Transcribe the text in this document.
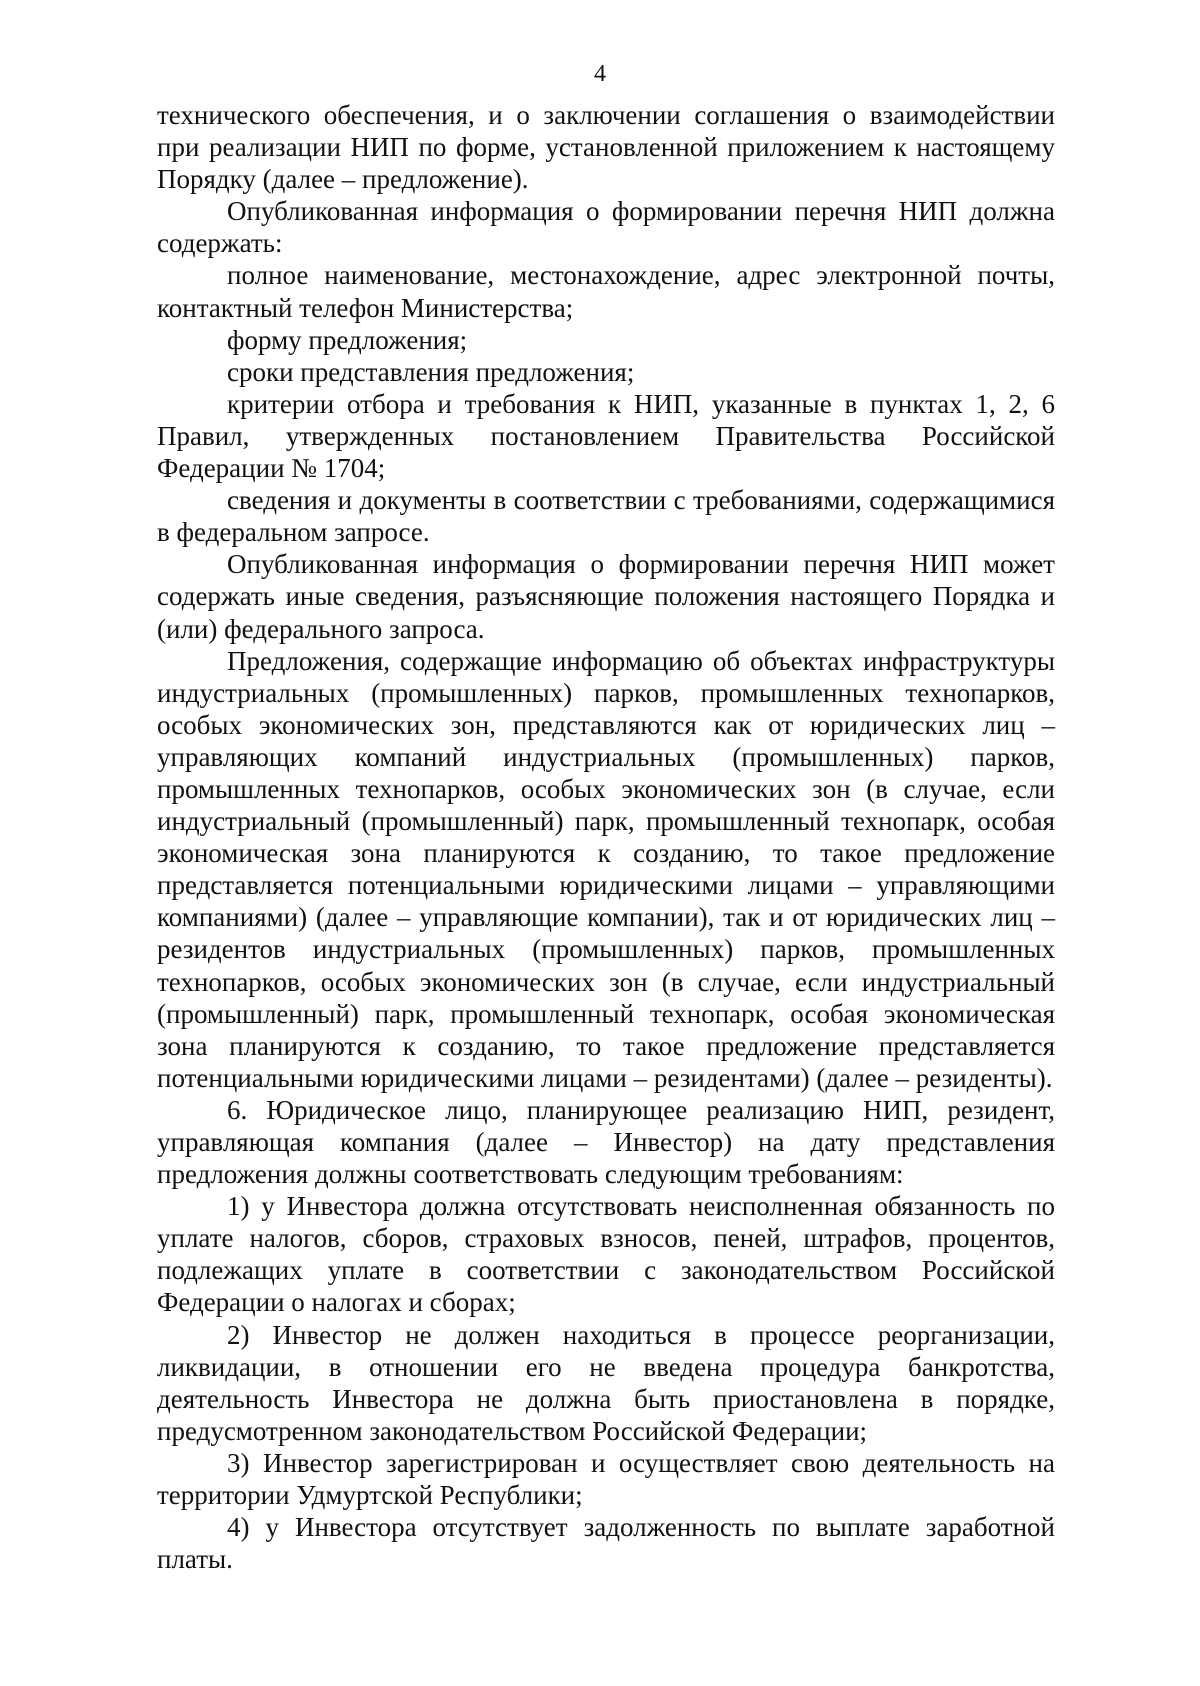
4

технического обеспечения, и о заключении соглашения о взаимодействии при реализации НИП по форме, установленной приложением к настоящему Порядку (далее – предложение).

Опубликованная информация о формировании перечня НИП должна содержать:

полное наименование, местонахождение, адрес электронной почты, контактный телефон Министерства;

форму предложения;

сроки представления предложения;

критерии отбора и требования к НИП, указанные в пунктах 1, 2, 6 Правил, утвержденных постановлением Правительства Российской Федерации № 1704;

сведения и документы в соответствии с требованиями, содержащимися в федеральном запросе.

Опубликованная информация о формировании перечня НИП может содержать иные сведения, разъясняющие положения настоящего Порядка и (или) федерального запроса.

Предложения, содержащие информацию об объектах инфраструктуры индустриальных (промышленных) парков, промышленных технопарков, особых экономических зон, представляются как от юридических лиц – управляющих компаний индустриальных (промышленных) парков, промышленных технопарков, особых экономических зон (в случае, если индустриальный (промышленный) парк, промышленный технопарк, особая экономическая зона планируются к созданию, то такое предложение представляется потенциальными юридическими лицами – управляющими компаниями) (далее – управляющие компании), так и от юридических лиц – резидентов индустриальных (промышленных) парков, промышленных технопарков, особых экономических зон (в случае, если индустриальный (промышленный) парк, промышленный технопарк, особая экономическая зона планируются к созданию, то такое предложение представляется потенциальными юридическими лицами – резидентами) (далее – резиденты).

6. Юридическое лицо, планирующее реализацию НИП, резидент, управляющая компания (далее – Инвестор) на дату представления предложения должны соответствовать следующим требованиям:

1) у Инвестора должна отсутствовать неисполненная обязанность по уплате налогов, сборов, страховых взносов, пеней, штрафов, процентов, подлежащих уплате в соответствии с законодательством Российской Федерации о налогах и сборах;

2) Инвестор не должен находиться в процессе реорганизации, ликвидации, в отношении его не введена процедура банкротства, деятельность Инвестора не должна быть приостановлена в порядке, предусмотренном законодательством Российской Федерации;

3) Инвестор зарегистрирован и осуществляет свою деятельность на территории Удмуртской Республики;

4) у Инвестора отсутствует задолженность по выплате заработной платы.
